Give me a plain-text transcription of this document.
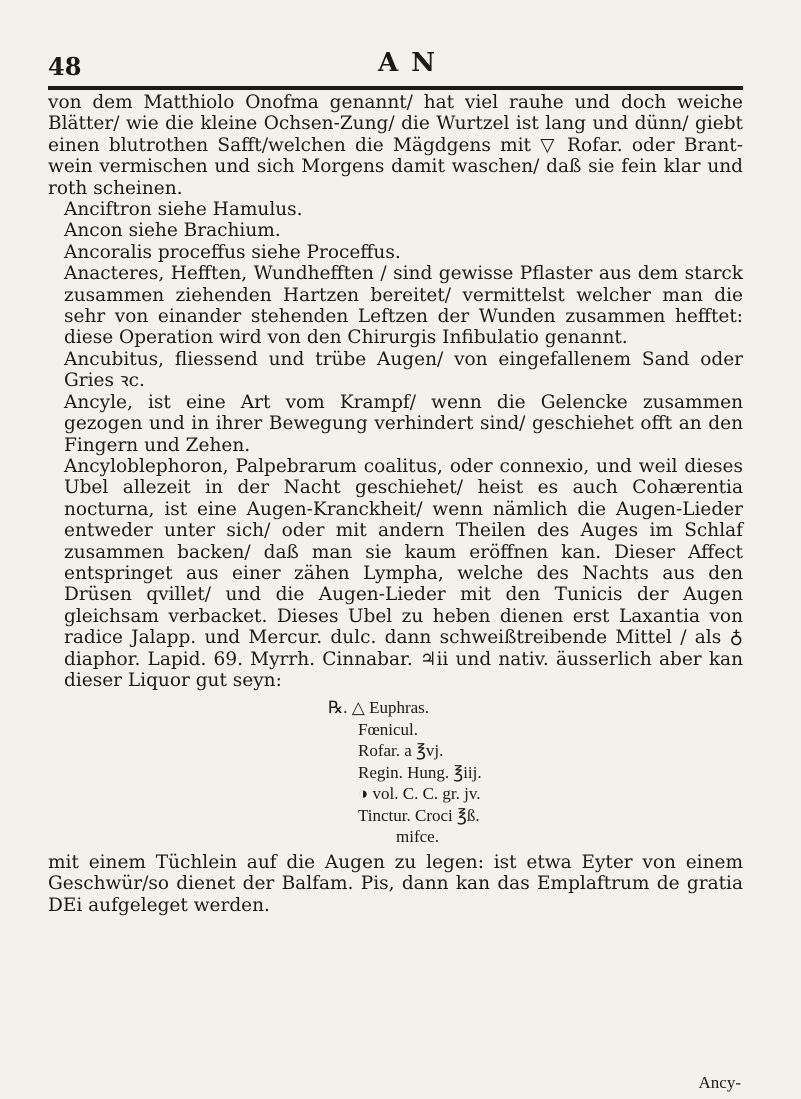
48	A N

von dem Matthiolo Onofma genannt/ hat viel rauhe und doch weiche Blätter/ wie die kleine Ochsen-Zung/ die Wurtzel ist lang und dünn/ giebt einen blutrothen Safft/welchen die Mägdgens mit ▽ Rofar. oder Brant-wein vermischen und sich Morgens damit waschen/ daß sie fein klar und roth scheinen.

Anciftron siehe Hamulus.

Ancon siehe Brachium.

Ancoralis proceffus siehe Proceffus.

Anacteres, Hefften, Wundhefften / sind gewisse Pflaster aus dem starck zusammen ziehenden Hartzen bereitet/ vermittelst welcher man die sehr von einander stehenden Leftzen der Wunden zusammen hefftet: diese Operation wird von den Chirurgis Infibulatio genannt.

Ancubitus, fliessend und trübe Augen/ von eingefallenem Sand oder Gries ꝛc.

Ancyle, ist eine Art vom Krampf/ wenn die Gelencke zusammen gezogen und in ihrer Bewegung verhindert sind/ geschiehet offt an den Fingern und Zehen.

Ancyloblephoron, Palpebrarum coalitus, oder connexio, und weil dieses Ubel allezeit in der Nacht geschiehet/ heist es auch Cohærentia nocturna, ist eine Augen-Kranckheit/ wenn nämlich die Augen-Lieder entweder unter sich/ oder mit andern Theilen des Auges im Schlaf zusammen backen/ daß man sie kaum eröffnen kan. Dieser Affect entspringet aus einer zähen Lympha, welche des Nachts aus den Drüsen qvillet/ und die Augen-Lieder mit den Tunicis der Augen gleichsam verbacket. Dieses Ubel zu heben dienen erst Laxantia von radice Jalapp. und Mercur. dulc. dann schweißtreibende Mittel / als ♁ diaphor. Lapid. 69. Myrrh. Cinnabar. ♃ii und nativ. äusserlich aber kan dieser Liquor gut seyn:

℞. △ Euphras.
Fœnicul.
Rofar. a ℥vj.
Regin. Hung. ℥iij.
◑ vol. C. C. gr. jv.
Tinctur. Croci ℥ß.
mifce.

mit einem Tüchlein auf die Augen zu legen: ist etwa Eyter von einem Geschwür/so dienet der Balfam. Pis, dann kan das Emplaftrum de gratia DEi aufgeleget werden.

Ancy-
